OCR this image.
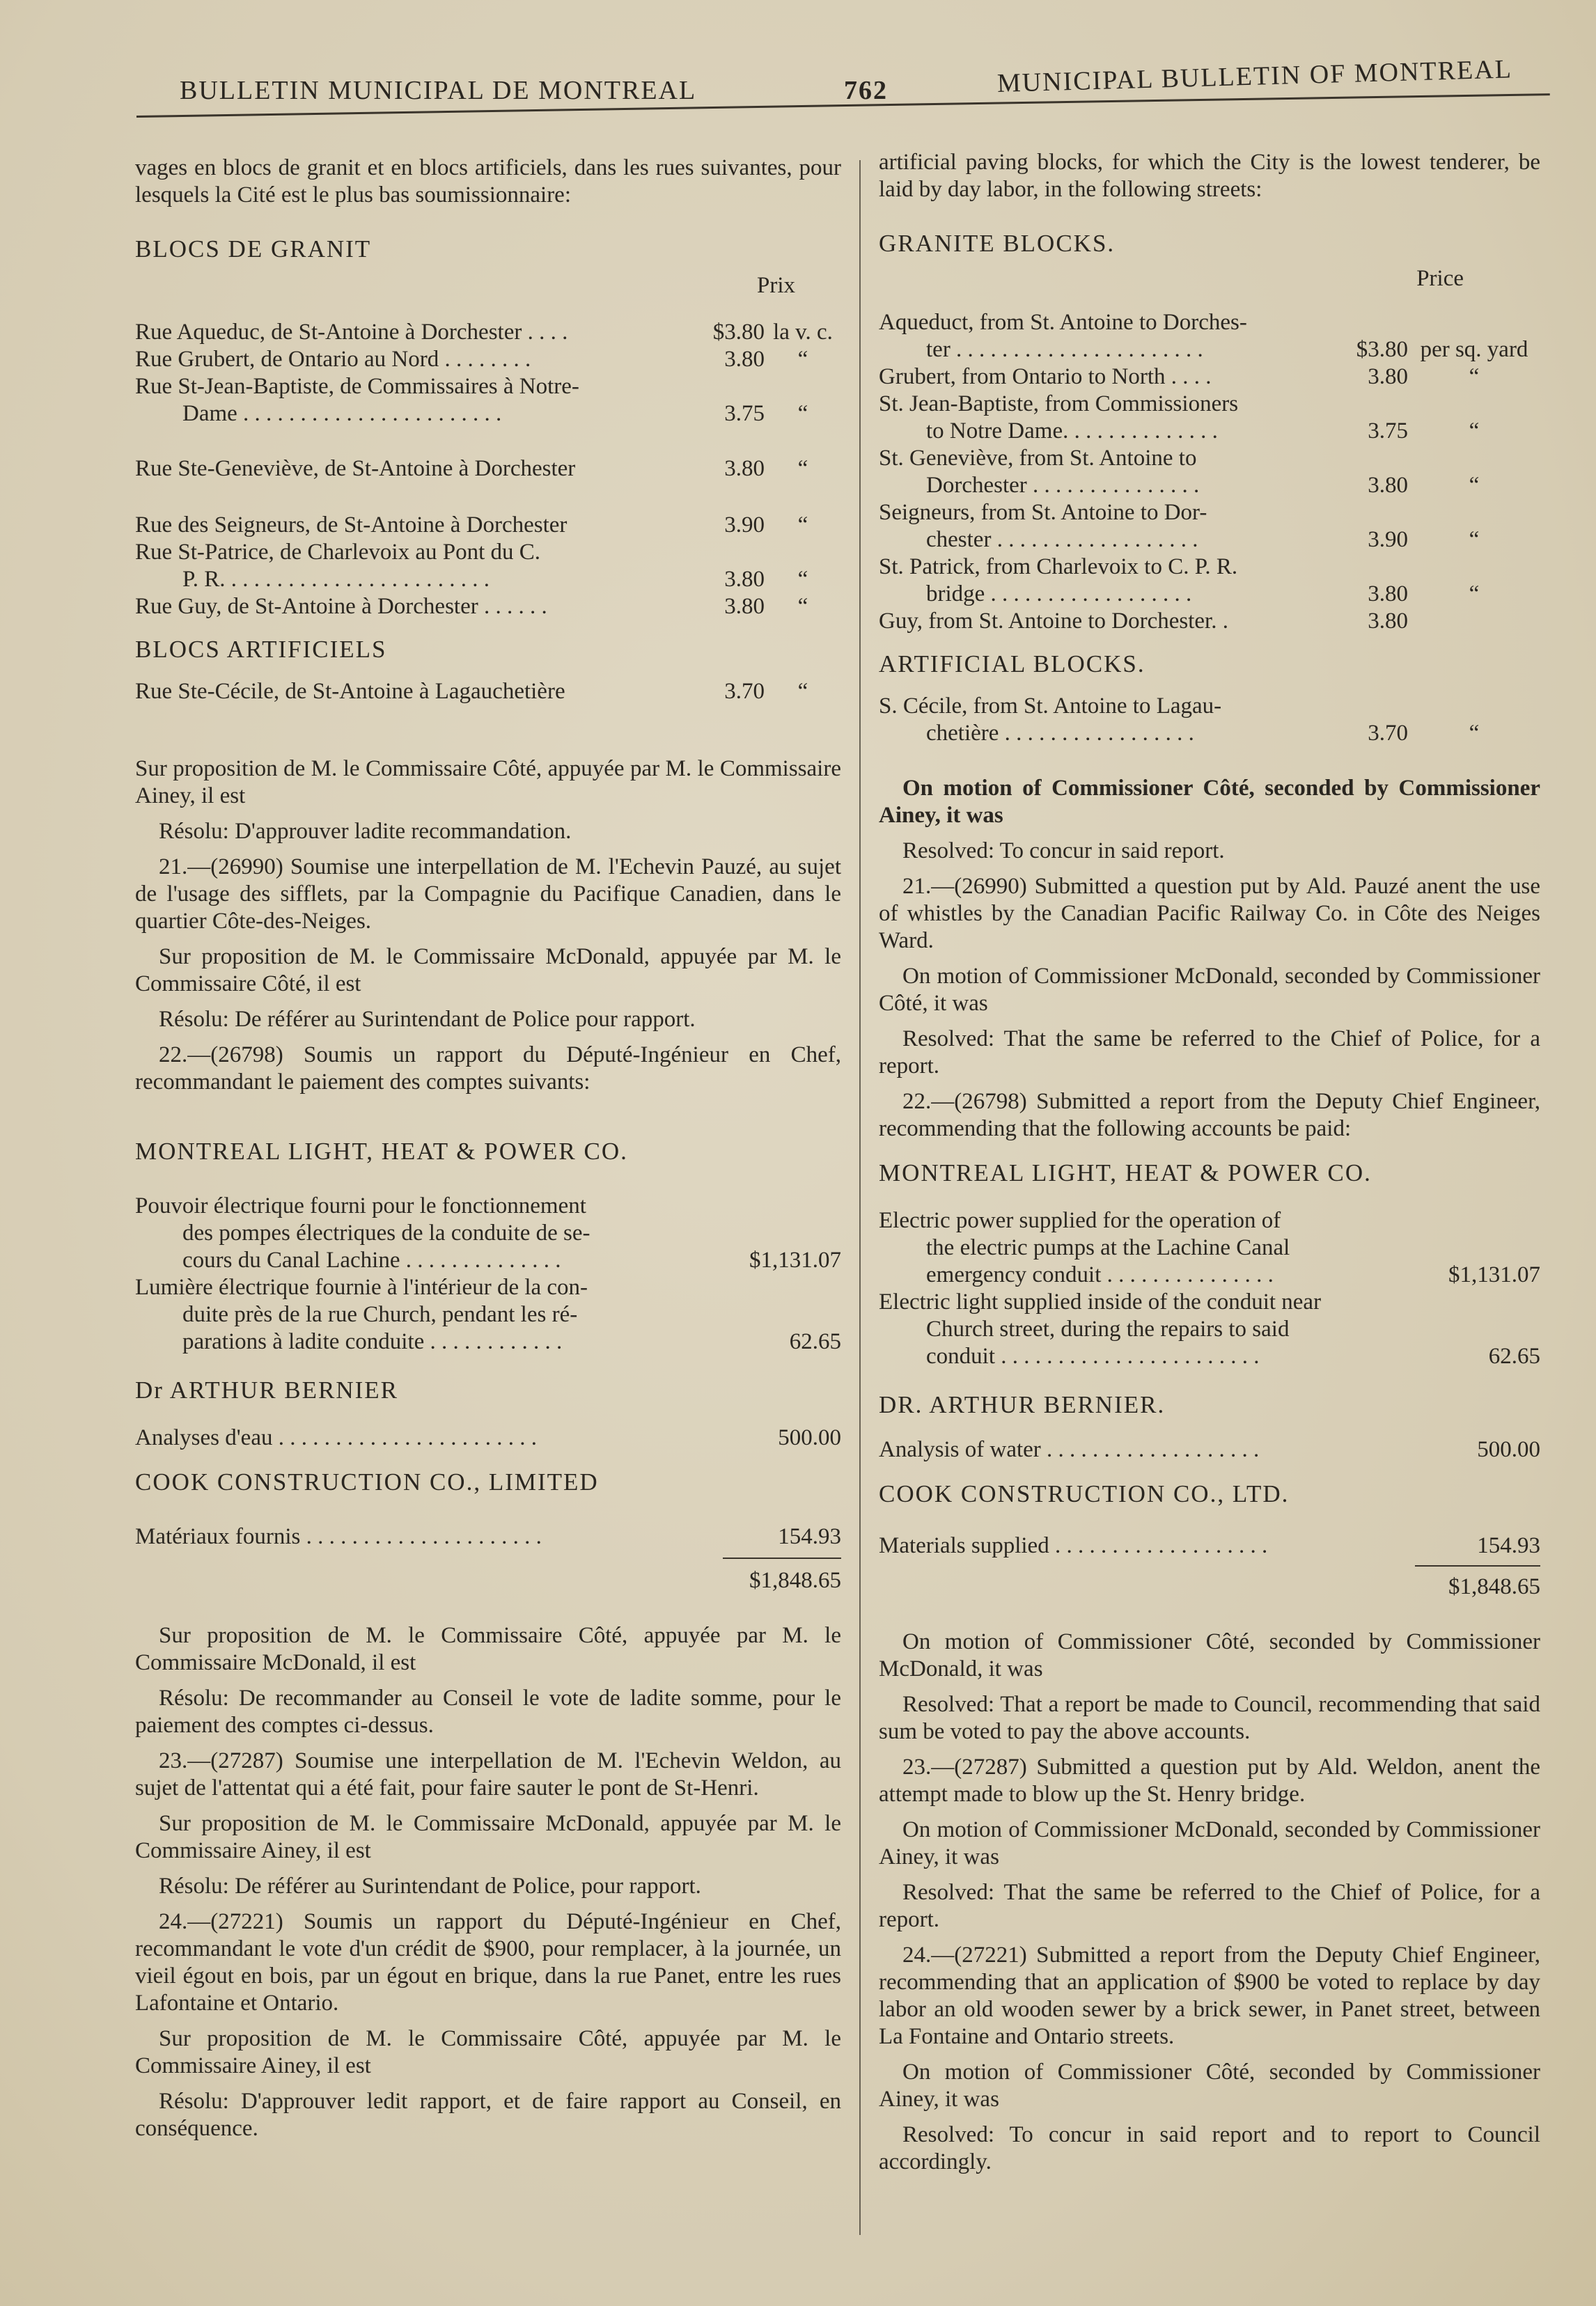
BULLETIN MUNICIPAL DE MONTREAL	762	MUNICIPAL BULLETIN OF MONTREAL

vages en blocs de granit et en blocs artificiels, dans les rues suivantes, pour lesquels la Cité est le plus bas soumissionnaire:

BLOCS DE GRANIT

Prix
Rue Aqueduc, de St-Antoine à Dorchester . . . .	$3.80 la v. c.
Rue Grubert, de Ontario au Nord . . . . . . . .	3.80	“
Rue St-Jean-Baptiste, de Commissaires à Notre-
Dame . . . . . . . . . . . . . . . . . . . . . . .	3.75	“
Rue Ste-Geneviève, de St-Antoine à Dorchester	3.80	“
Rue des Seigneurs, de St-Antoine à Dorchester	3.90	“
Rue St-Patrice, de Charlevoix au Pont du C.
P. R. . . . . . . . . . . . . . . . . . . . . . . .	3.80	“
Rue Guy, de St-Antoine à Dorchester . . . . . .	3.80	“

BLOCS ARTIFICIELS

Rue Ste-Cécile, de St-Antoine à Lagauchetière	3.70	“

Sur proposition de M. le Commissaire Côté, appuyée par M. le Commissaire Ainey, il est

Résolu: D'approuver ladite recommandation.

21.—(26990) Soumise une interpellation de M. l'Echevin Pauzé, au sujet de l'usage des sifflets, par la Compagnie du Pacifique Canadien, dans le quartier Côte-des-Neiges.

Sur proposition de M. le Commissaire McDonald, appuyée par M. le Commissaire Côté, il est

Résolu: De référer au Surintendant de Police pour rapport.

22.—(26798) Soumis un rapport du Député-Ingénieur en Chef, recommandant le paiement des comptes suivants:

MONTREAL LIGHT, HEAT & POWER CO.

Pouvoir électrique fourni pour le fonctionnement
des pompes électriques de la conduite de se-
cours du Canal Lachine . . . . . . . . . . . . . .	$1,131.07
Lumière électrique fournie à l'intérieur de la con-
duite près de la rue Church, pendant les ré-
parations à ladite conduite . . . . . . . . . . . .	62.65

Dr ARTHUR BERNIER

Analyses d'eau . . . . . . . . . . . . . . . . . . . . . . .	500.00

COOK CONSTRUCTION CO., LIMITED

Matériaux fournis . . . . . . . . . . . . . . . . . . . . .	154.93
$1,848.65

Sur proposition de M. le Commissaire Côté, appuyée par M. le Commissaire McDonald, il est

Résolu: De recommander au Conseil le vote de ladite somme, pour le paiement des comptes ci-dessus.

23.—(27287) Soumise une interpellation de M. l'Echevin Weldon, au sujet de l'attentat qui a été fait, pour faire sauter le pont de St-Henri.

Sur proposition de M. le Commissaire McDonald, appuyée par M. le Commissaire Ainey, il est

Résolu: De référer au Surintendant de Police, pour rapport.

24.—(27221) Soumis un rapport du Député-Ingénieur en Chef, recommandant le vote d'un crédit de $900, pour remplacer, à la journée, un vieil égout en bois, par un égout en brique, dans la rue Panet, entre les rues Lafontaine et Ontario.

Sur proposition de M. le Commissaire Côté, appuyée par M. le Commissaire Ainey, il est

Résolu: D'approuver ledit rapport, et de faire rapport au Conseil, en conséquence.

artificial paving blocks, for which the City is the lowest tenderer, be laid by day labor, in the following streets:

GRANITE BLOCKS.

Price
Aqueduct, from St. Antoine to Dorches-
ter . . . . . . . . . . . . . . . . . . . . . .	$3.80 per sq. yard
Grubert, from Ontario to North . . . .	3.80	“
St. Jean-Baptiste, from Commissioners
to Notre Dame. . . . . . . . . . . . . .	3.75	“
St. Geneviève, from St. Antoine to
Dorchester . . . . . . . . . . . . . . .	3.80	“
Seigneurs, from St. Antoine to Dor-
chester . . . . . . . . . . . . . . . . . .	3.90	“
St. Patrick, from Charlevoix to C. P. R.
bridge . . . . . . . . . . . . . . . . . .	3.80	“
Guy, from St. Antoine to Dorchester. .	3.80

ARTIFICIAL BLOCKS.

S. Cécile, from St. Antoine to Lagau-
chetière . . . . . . . . . . . . . . . . .	3.70	“

On motion of Commissioner Côté, seconded by Commissioner Ainey, it was

Resolved: To concur in said report.

21.—(26990) Submitted a question put by Ald. Pauzé anent the use of whistles by the Canadian Pacific Railway Co. in Côte des Neiges Ward.

On motion of Commissioner McDonald, seconded by Commissioner Côté, it was

Resolved: That the same be referred to the Chief of Police, for a report.

22.—(26798) Submitted a report from the Deputy Chief Engineer, recommending that the following accounts be paid:

MONTREAL LIGHT, HEAT & POWER CO.

Electric power supplied for the operation of
the electric pumps at the Lachine Canal
emergency conduit . . . . . . . . . . . . . . .	$1,131.07
Electric light supplied inside of the conduit near
Church street, during the repairs to said
conduit . . . . . . . . . . . . . . . . . . . . . . .	62.65

DR. ARTHUR BERNIER.

Analysis of water . . . . . . . . . . . . . . . . . . .	500.00

COOK CONSTRUCTION CO., LTD.

Materials supplied . . . . . . . . . . . . . . . . . . .	154.93
$1,848.65

On motion of Commissioner Côté, seconded by Commissioner McDonald, it was

Resolved: That a report be made to Council, recommending that said sum be voted to pay the above accounts.

23.—(27287) Submitted a question put by Ald. Weldon, anent the attempt made to blow up the St. Henry bridge.

On motion of Commissioner McDonald, seconded by Commissioner Ainey, it was

Resolved: That the same be referred to the Chief of Police, for a report.

24.—(27221) Submitted a report from the Deputy Chief Engineer, recommending that an application of $900 be voted to replace by day labor an old wooden sewer by a brick sewer, in Panet street, between La Fontaine and Ontario streets.

On motion of Commissioner Côté, seconded by Commissioner Ainey, it was

Resolved: To concur in said report and to report to Council accordingly.
